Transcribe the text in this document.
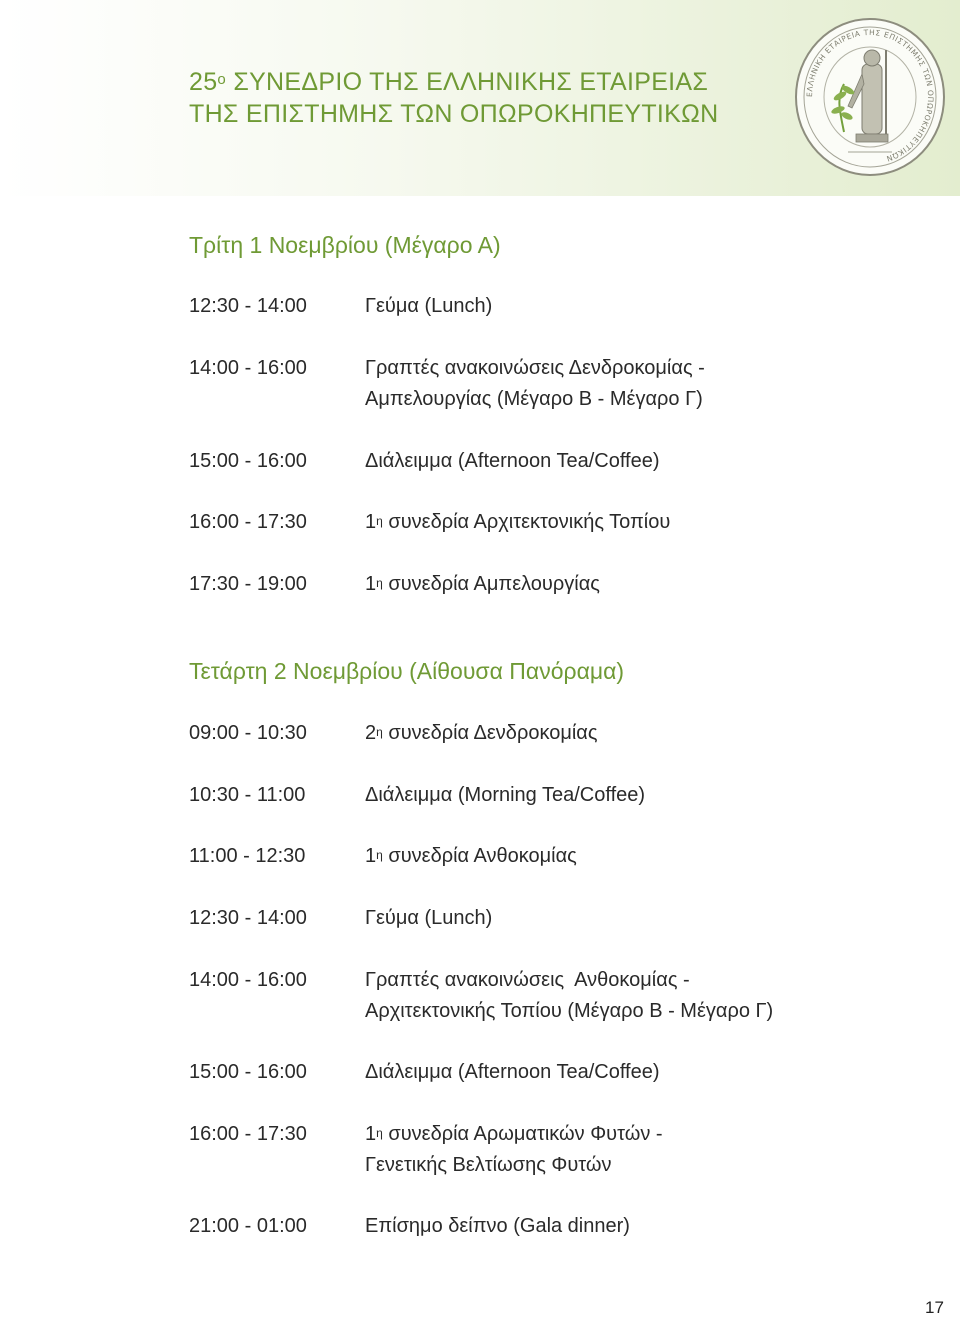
$25^o$ ΣΥΝΕΔΡΙΟ ΤΗΣ ΕΛΛΗΝΙΚΗΣ ΕΤΑΙΡΕΙΑΣ
ΤΗΣ ΕΠΙΣΤΗΜΗΣ ΤΩΝ ΟΠΩΡΟΚΗΠΕΥΤΙΚΩΝ
ΕΛΛΗΝΙΚΗ ΕΤΑΙΡΕΙΑ ΤΗΣ ΕΠΙΣΤΗΜΗΣ ΤΩΝ ΟΠΩΡΟΚΗΠΕΥΤΙΚΩΝ
Τρίτη 1 Νοεμβρίου (Μέγαρο Α)
12:30 - 14:00	Γεύμα (Lunch)
14:00 - 16:00	Γραπτές ανακοινώσεις Δενδροκομίας -
Αμπελουργίας (Μέγαρο Β - Μέγαρο Γ)
15:00 - 16:00	Διάλειμμα (Afternoon Tea/Coffee)
16:00 - 17:30	$1^\eta$ συνεδρία Αρχιτεκτονικής Τοπίου
17:30 - 19:00	$1^\eta$ συνεδρία Αμπελουργίας
Τετάρτη 2 Νοεμβρίου (Αίθουσα Πανόραμα)
09:00 - 10:30	$2^\eta$ συνεδρία Δενδροκομίας
10:30 - 11:00	Διάλειμμα (Morning Tea/Coffee)
11:00 - 12:30	$1^\eta$ συνεδρία Ανθοκομίας
12:30 - 14:00	Γεύμα (Lunch)
14:00 - 16:00	Γραπτές ανακοινώσεις  Ανθοκομίας -
Αρχιτεκτονικής Τοπίου (Μέγαρο Β - Μέγαρο Γ)
15:00 - 16:00	Διάλειμμα (Afternoon Tea/Coffee)
16:00 - 17:30	$1^\eta$ συνεδρία Αρωματικών Φυτών -
Γενετικής Βελτίωσης Φυτών
21:00 - 01:00	Επίσημο δείπνο (Gala dinner)
17
